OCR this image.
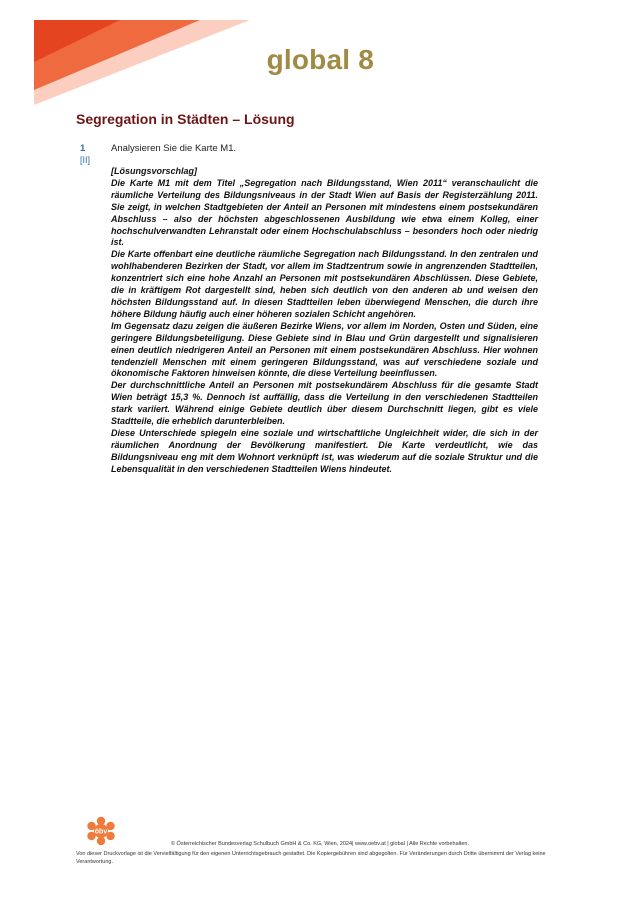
global 8
Segregation in Städten – Lösung
1
[II]
Analysieren Sie die Karte M1.

[Lösungsvorschlag]

Die Karte M1 mit dem Titel „Segregation nach Bildungsstand, Wien 2011“ veranschaulicht die räumliche Verteilung des Bildungsniveaus in der Stadt Wien auf Basis der Registerzählung 2011. Sie zeigt, in welchen Stadtgebieten der Anteil an Personen mit mindestens einem postsekundären Abschluss – also der höchsten abgeschlossenen Ausbildung wie etwa einem Kolleg, einer hochschulverwandten Lehranstalt oder einem Hochschulabschluss – besonders hoch oder niedrig ist.

Die Karte offenbart eine deutliche räumliche Segregation nach Bildungsstand. In den zentralen und wohlhabenderen Bezirken der Stadt, vor allem im Stadtzentrum sowie in angrenzenden Stadtteilen, konzentriert sich eine hohe Anzahl an Personen mit postsekundären Abschlüssen. Diese Gebiete, die in kräftigem Rot dargestellt sind, heben sich deutlich von den anderen ab und weisen den höchsten Bildungsstand auf. In diesen Stadtteilen leben überwiegend Menschen, die durch ihre höhere Bildung häufig auch einer höheren sozialen Schicht angehören.

Im Gegensatz dazu zeigen die äußeren Bezirke Wiens, vor allem im Norden, Osten und Süden, eine geringere Bildungsbeteiligung. Diese Gebiete sind in Blau und Grün dargestellt und signalisieren einen deutlich niedrigeren Anteil an Personen mit einem postsekundären Abschluss. Hier wohnen tendenziell Menschen mit einem geringeren Bildungsstand, was auf verschiedene soziale und ökonomische Faktoren hinweisen könnte, die diese Verteilung beeinflussen.

Der durchschnittliche Anteil an Personen mit postsekundärem Abschluss für die gesamte Stadt Wien beträgt 15,3 %. Dennoch ist auffällig, dass die Verteilung in den verschiedenen Stadtteilen stark variiert. Während einige Gebiete deutlich über diesem Durchschnitt liegen, gibt es viele Stadtteile, die erheblich darunterbleiben.

Diese Unterschiede spiegeln eine soziale und wirtschaftliche Ungleichheit wider, die sich in der räumlichen Anordnung der Bevölkerung manifestiert. Die Karte verdeutlicht, wie das Bildungsniveau eng mit dem Wohnort verknüpft ist, was wiederum auf die soziale Struktur und die Lebensqualität in den verschiedenen Stadtteilen Wiens hindeutet.

öbv
© Österreichischer Bundesverlag Schulbuch GmbH & Co. KG, Wien, 2024| www.oebv.at | global | Alle Rechte vorbehalten.
Von dieser Druckvorlage ist die Vervielfältigung für den eigenen Unterrichtsgebrauch gestattet. Die Kopiergebühren sind abgegolten. Für Veränderungen durch Dritte übernimmt der Verlag keine Verantwortung.
